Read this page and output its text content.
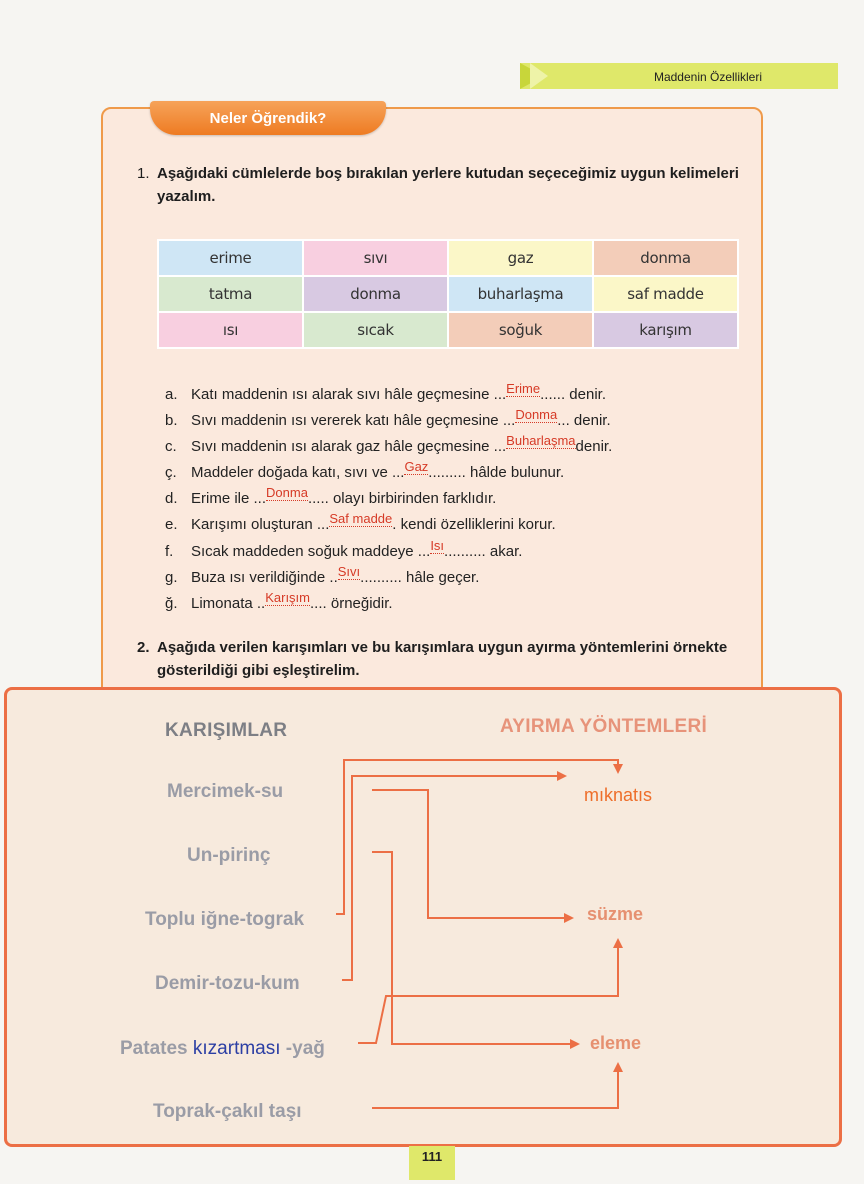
Maddenin Özellikleri
Neler Öğrendik?
1. Aşağıdaki cümlelerde boş bırakılan yerlere kutudan seçeceğimiz uygun kelimeleri yazalım.
erime	sıvı	gaz	donma
tatma	donma	buharlaşma	saf madde
ısı	sıcak	soğuk	karışım
a. Katı maddenin ısı alarak sıvı hâle geçmesine ...Erime...... denir.
b. Sıvı maddenin ısı vererek katı hâle geçmesine ...Donma... denir.
c. Sıvı maddenin ısı alarak gaz hâle geçmesine ...Buharlaşmadenir.
ç. Maddeler doğada katı, sıvı ve ...Gaz......... hâlde bulunur.
d. Erime ile ...Donma..... olayı birbirinden farklıdır.
e. Karışımı oluşturan ...Saf madde. kendi özelliklerini korur.
f. Sıcak maddeden soğuk maddeye ...Isı.......... akar.
g. Buza ısı verildiğinde ..Sıvı.......... hâle geçer.
ğ. Limonata ..Karışım.... örneğidir.
2. Aşağıda verilen karışımları ve bu karışımlara uygun ayırma yöntemlerini örnekte gösterildiği gibi eşleştirelim.
KARIŞIMLAR	AYIRMA YÖNTEMLERİ
Mercimek-su
Un-pirinç
Toplu iğne-tograk
Demir-tozu-kum
Patates kızartması -yağ
Toprak-çakıl taşı
mıknatıs
süzme
eleme
111
